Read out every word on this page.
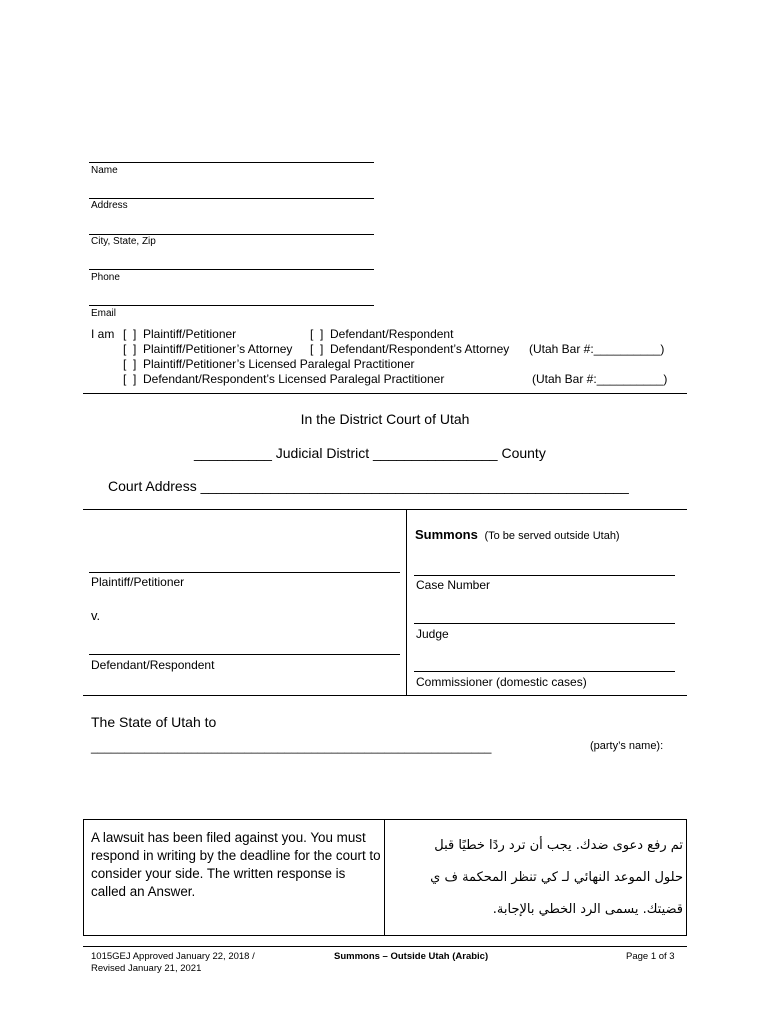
Name
Address
City, State, Zip
Phone
Email
I am [  ]  Plaintiff/Petitioner	[  ]  Defendant/Respondent
[  ]  Plaintiff/Petitioner’s Attorney [  ]  Defendant/Respondent’s Attorney (Utah Bar #:__________)
[  ]  Plaintiff/Petitioner’s Licensed Paralegal Practitioner
[  ]  Defendant/Respondent’s Licensed Paralegal Practitioner	(Utah Bar #:__________)
In the District Court of Utah
__________ Judicial District ________________ County
Court Address _______________________________________________________
Plaintiff/Petitioner
v.
Defendant/Respondent
Summons (To be served outside Utah)
Case Number
Judge
Commissioner (domestic cases)
The State of Utah to
____________________________________________________________	(party’s name):
A lawsuit has been filed against you. You must respond in writing by the deadline for the court to consider your side. The written response is called an Answer.
تم رفع دعوى ضدك. يجب أن ترد ردًا خطيًا قبل
حلول الموعد النهائي لـ كي تنظر المحكمة ف ي
قضيتك. يسمى الرد الخطي بالإجابة.
1015GEJ Approved January 22, 2018 /
Revised January 21, 2021
Summons – Outside Utah (Arabic)	Page 1 of 3
